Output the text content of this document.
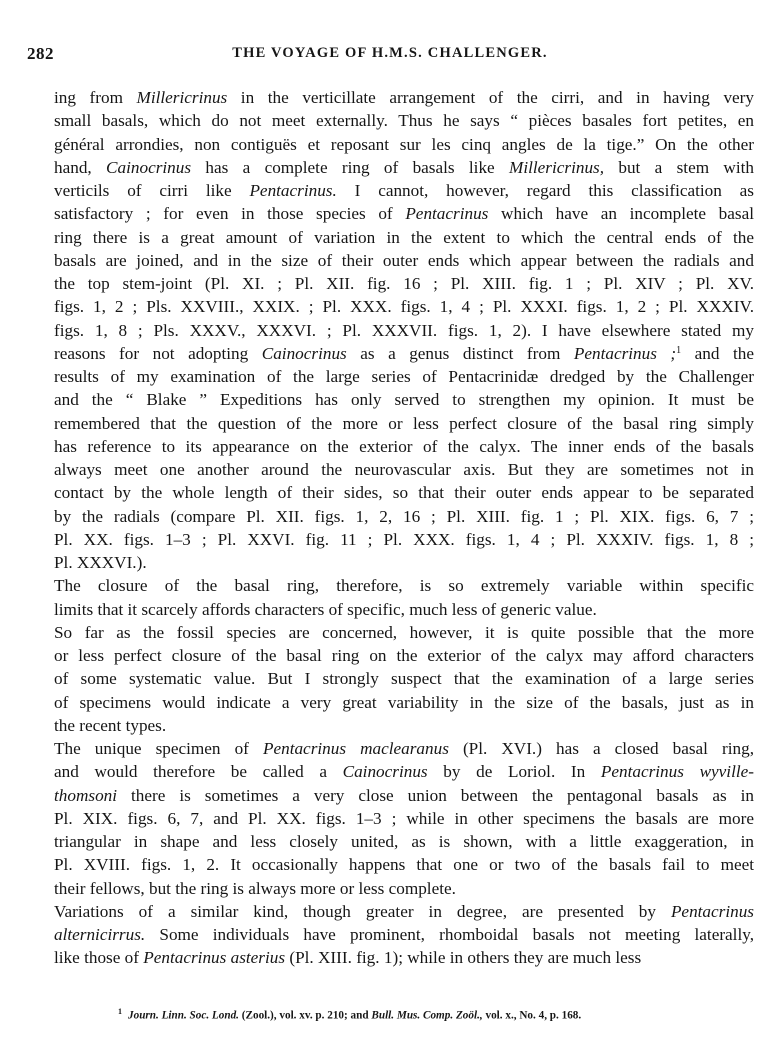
282	THE VOYAGE OF H.M.S. CHALLENGER.
ing from Millericrinus in the verticillate arrangement of the cirri, and in having very
small basals, which do not meet externally. Thus he says “ pièces basales fort petites, en
général arrondies, non contiguës et reposant sur les cinq angles de la tige.” On the other
hand, Cainocrinus has a complete ring of basals like Millericrinus, but a stem with
verticils of cirri like Pentacrinus. I cannot, however, regard this classification as
satisfactory ; for even in those species of Pentacrinus which have an incomplete basal
ring there is a great amount of variation in the extent to which the central ends of the
basals are joined, and in the size of their outer ends which appear between the radials and
the top stem-joint (Pl. XI. ; Pl. XII. fig. 16 ; Pl. XIII. fig. 1 ; Pl. XIV ; Pl. XV.
figs. 1, 2 ; Pls. XXVIII., XXIX. ; Pl. XXX. figs. 1, 4 ; Pl. XXXI. figs. 1, 2 ; Pl. XXXIV.
figs. 1, 8 ; Pls. XXXV., XXXVI. ; Pl. XXXVII. figs. 1, 2). I have elsewhere stated my
reasons for not adopting Cainocrinus as a genus distinct from Pentacrinus ;$^1$ and the
results of my examination of the large series of Pentacrinidæ dredged by the Challenger
and the “ Blake ” Expeditions has only served to strengthen my opinion. It must be
remembered that the question of the more or less perfect closure of the basal ring simply
has reference to its appearance on the exterior of the calyx. The inner ends of the basals
always meet one another around the neurovascular axis. But they are sometimes not in
contact by the whole length of their sides, so that their outer ends appear to be separated
by the radials (compare Pl. XII. figs. 1, 2, 16 ; Pl. XIII. fig. 1 ; Pl. XIX. figs. 6, 7 ;
Pl. XX. figs. 1–3 ; Pl. XXVI. fig. 11 ; Pl. XXX. figs. 1, 4 ; Pl. XXXIV. figs. 1, 8 ;
Pl. XXXVI.).
The closure of the basal ring, therefore, is so extremely variable within specific
limits that it scarcely affords characters of specific, much less of generic value.
So far as the fossil species are concerned, however, it is quite possible that the more
or less perfect closure of the basal ring on the exterior of the calyx may afford characters
of some systematic value. But I strongly suspect that the examination of a large series
of specimens would indicate a very great variability in the size of the basals, just as in
the recent types.
The unique specimen of Pentacrinus maclearanus (Pl. XVI.) has a closed basal ring,
and would therefore be called a Cainocrinus by de Loriol. In Pentacrinus wyville-
thomsoni there is sometimes a very close union between the pentagonal basals as in
Pl. XIX. figs. 6, 7, and Pl. XX. figs. 1–3 ; while in other specimens the basals are more
triangular in shape and less closely united, as is shown, with a little exaggeration, in
Pl. XVIII. figs. 1, 2. It occasionally happens that one or two of the basals fail to meet
their fellows, but the ring is always more or less complete.
Variations of a similar kind, though greater in degree, are presented by Pentacrinus
alternicirrus. Some individuals have prominent, rhomboidal basals not meeting laterally,
like those of Pentacrinus asterius (Pl. XIII. fig. 1); while in others they are much less
$^1$ Journ. Linn. Soc. Lond. (Zool.), vol. xv. p. 210; and Bull. Mus. Comp. Zoöl., vol. x., No. 4, p. 168.
